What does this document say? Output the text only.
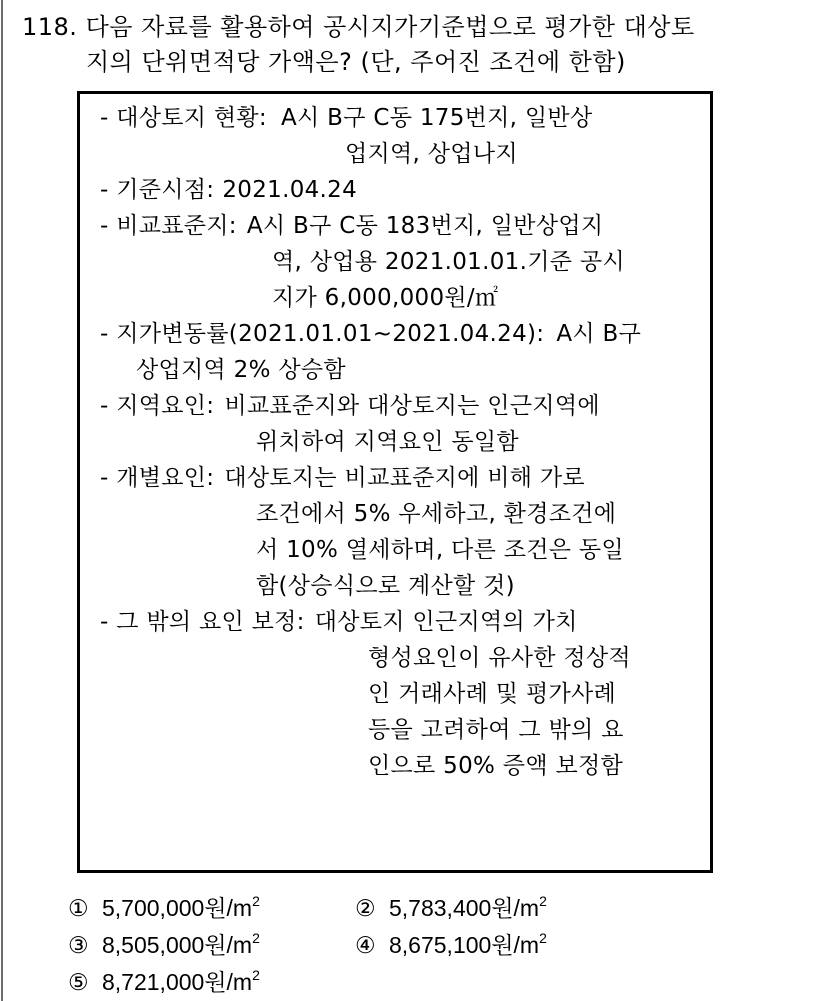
118. 다음 자료를 활용하여 공시지가기준법으로 평가한 대상토
지의 단위면적당 가액은? (단, 주어진 조건에 한함)
- 대상토지 현황: A시 B구 C동 175번지, 일반상
업지역, 상업나지
- 기준시점: 2021.04.24
- 비교표준지: A시 B구 C동 183번지, 일반상업지
역, 상업용 2021.01.01.기준 공시
지가 6,000,000원/㎡
- 지가변동률(2021.01.01~2021.04.24): A시 B구
상업지역 2% 상승함
- 지역요인: 비교표준지와 대상토지는 인근지역에
위치하여 지역요인 동일함
- 개별요인: 대상토지는 비교표준지에 비해 가로
조건에서 5% 우세하고, 환경조건에
서 10% 열세하며, 다른 조건은 동일
함(상승식으로 계산할 것)
- 그 밖의 요인 보정: 대상토지 인근지역의 가치
형성요인이 유사한 정상적
인 거래사례 및 평가사례
등을 고려하여 그 밖의 요
인으로 50% 증액 보정함
① 5,700,000원$/m^2$	② 5,783,400원$/m^2$
③ 8,505,000원$/m^2$	④ 8,675,100원$/m^2$
⑤ 8,721,000원$/m^2$
